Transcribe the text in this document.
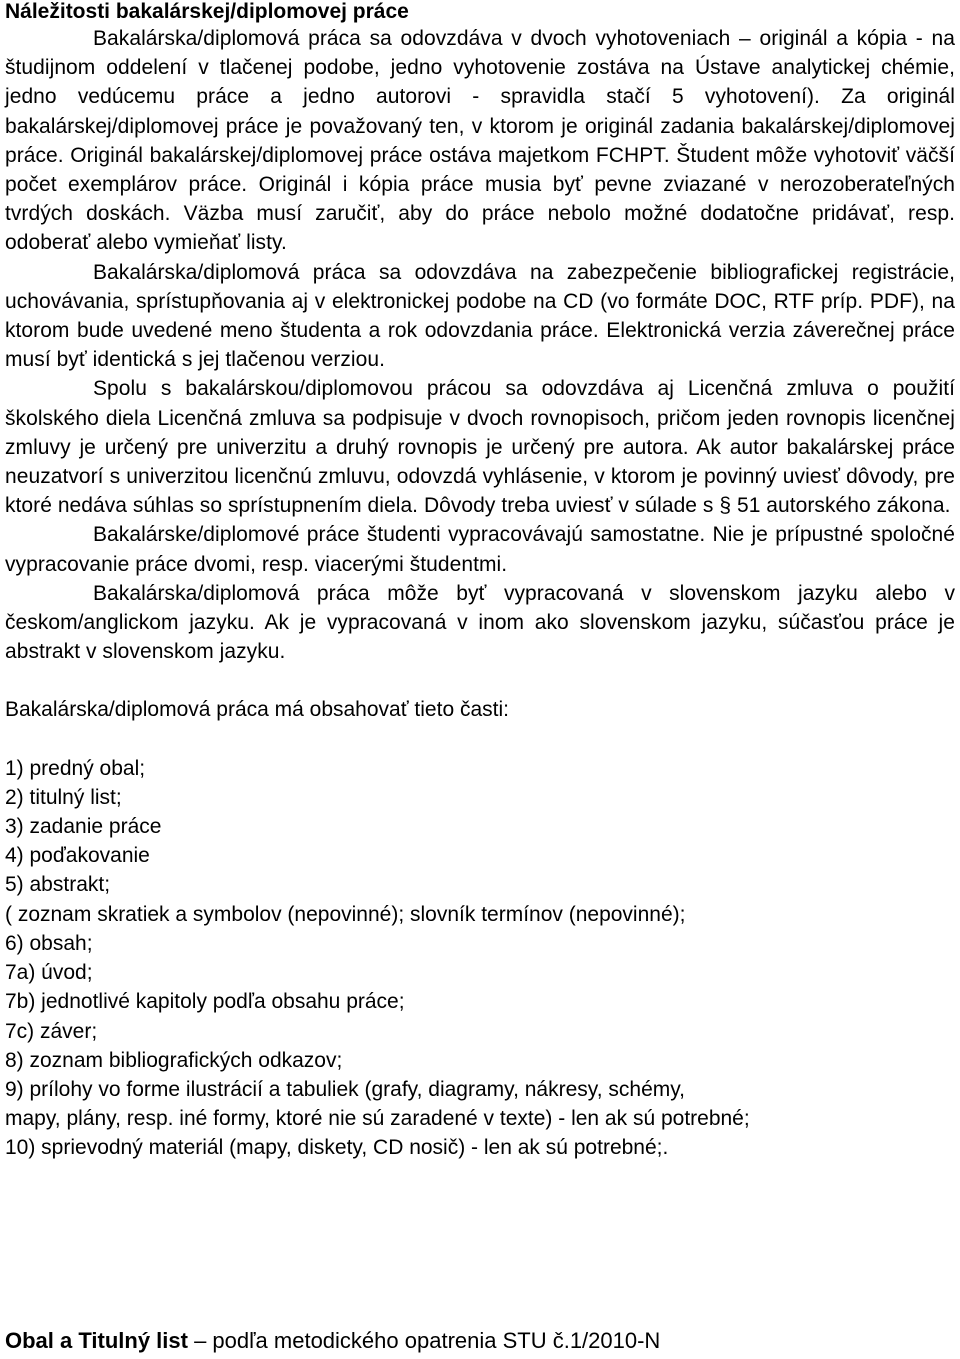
Náležitosti bakalárskej/diplomovej práce

Bakalárska/diplomová práca sa odovzdáva v dvoch vyhotoveniach – originál a kópia - na študijnom oddelení v tlačenej podobe, jedno vyhotovenie zostáva na Ústave analytickej chémie, jedno vedúcemu práce a jedno autorovi - spravidla stačí 5 vyhotovení). Za originál bakalárskej/diplomovej práce je považovaný ten, v ktorom je originál zadania bakalárskej/diplomovej práce. Originál bakalárskej/diplomovej práce ostáva majetkom FCHPT. Študent môže vyhotoviť väčší počet exemplárov práce. Originál i kópia práce musia byť pevne zviazané v nerozoberateľných tvrdých doskách. Väzba musí zaručiť, aby do práce nebolo možné dodatočne pridávať, resp. odoberať alebo vymieňať listy.

Bakalárska/diplomová práca sa odovzdáva na zabezpečenie bibliografickej registrácie, uchovávania, sprístupňovania aj v elektronickej podobe na CD (vo formáte DOC, RTF príp. PDF), na ktorom bude uvedené meno študenta a rok odovzdania práce. Elektronická verzia záverečnej práce musí byť identická s jej tlačenou verziou.

Spolu s bakalárskou/diplomovou prácou sa odovzdáva aj Licenčná zmluva o použití školského diela Licenčná zmluva sa podpisuje v dvoch rovnopisoch, pričom jeden rovnopis licenčnej zmluvy je určený pre univerzitu a druhý rovnopis je určený pre autora. Ak autor bakalárskej práce neuzatvorí s univerzitou licenčnú zmluvu, odovzdá vyhlásenie, v ktorom je povinný uviesť dôvody, pre ktoré nedáva súhlas so sprístupnením diela. Dôvody treba uviesť v súlade s § 51 autorského zákona.

Bakalárske/diplomové práce študenti vypracovávajú samostatne. Nie je prípustné spoločné vypracovanie práce dvomi, resp. viacerými študentmi.

Bakalárska/diplomová práca môže byť vypracovaná v slovenskom jazyku alebo v českom/anglickom jazyku. Ak je vypracovaná v inom ako slovenskom jazyku, súčasťou práce je abstrakt v slovenskom jazyku.

Bakalárska/diplomová práca má obsahovať tieto časti:

1) predný obal;
2) titulný list;
3) zadanie práce
4) poďakovanie
5) abstrakt;
( zoznam skratiek a symbolov (nepovinné); slovník termínov (nepovinné);
6) obsah;
7a) úvod;
7b) jednotlivé kapitoly podľa obsahu práce;
7c) záver;
8) zoznam bibliografických odkazov;
9) prílohy vo forme ilustrácií a tabuliek (grafy, diagramy, nákresy, schémy,
mapy, plány, resp. iné formy, ktoré nie sú zaradené v texte) - len ak sú potrebné;
10) sprievodný materiál (mapy, diskety, CD nosič) - len ak sú potrebné;.
Obal a Titulný list – podľa metodického opatrenia STU č.1/2010-N
